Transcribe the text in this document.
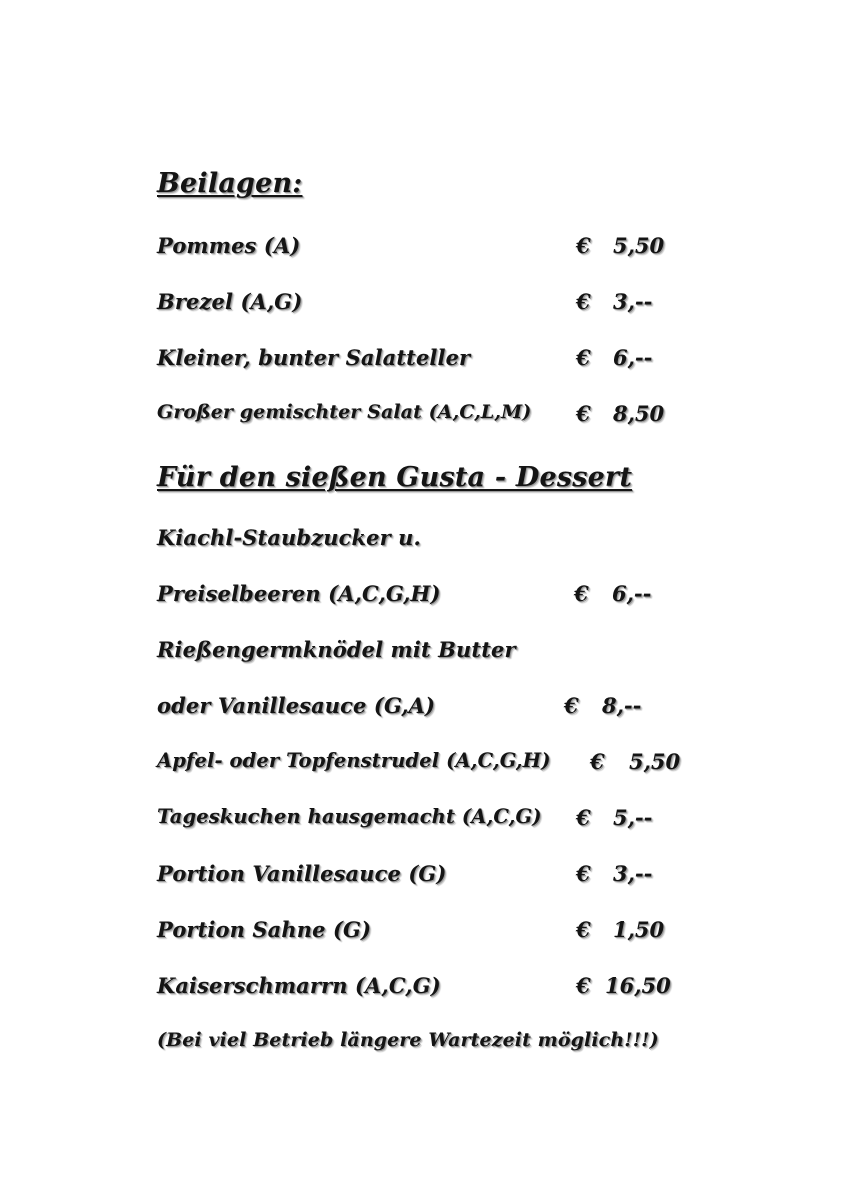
Beilagen:
Pommes (A)	€ 5,50
Brezel (A,G)	€ 3,--
Kleiner, bunter Salatteller	€ 6,--
Großer gemischter Salat (A,C,L,M) € 8,50
Für den sießen Gusta - Dessert
Kiachl-Staubzucker u.
Preiselbeeren (A,C,G,H)	€ 6,--
Rießengermknödel mit Butter
oder Vanillesauce (G,A)	€ 8,--
Apfel- oder Topfenstrudel (A,C,G,H) € 5,50
Tageskuchen hausgemacht (A,C,G) € 5,--
Portion Vanillesauce (G)	€ 3,--
Portion Sahne (G)	€ 1,50
Kaiserschmarrn (A,C,G)	€ 16,50
(Bei viel Betrieb längere Wartezeit möglich!!!)
